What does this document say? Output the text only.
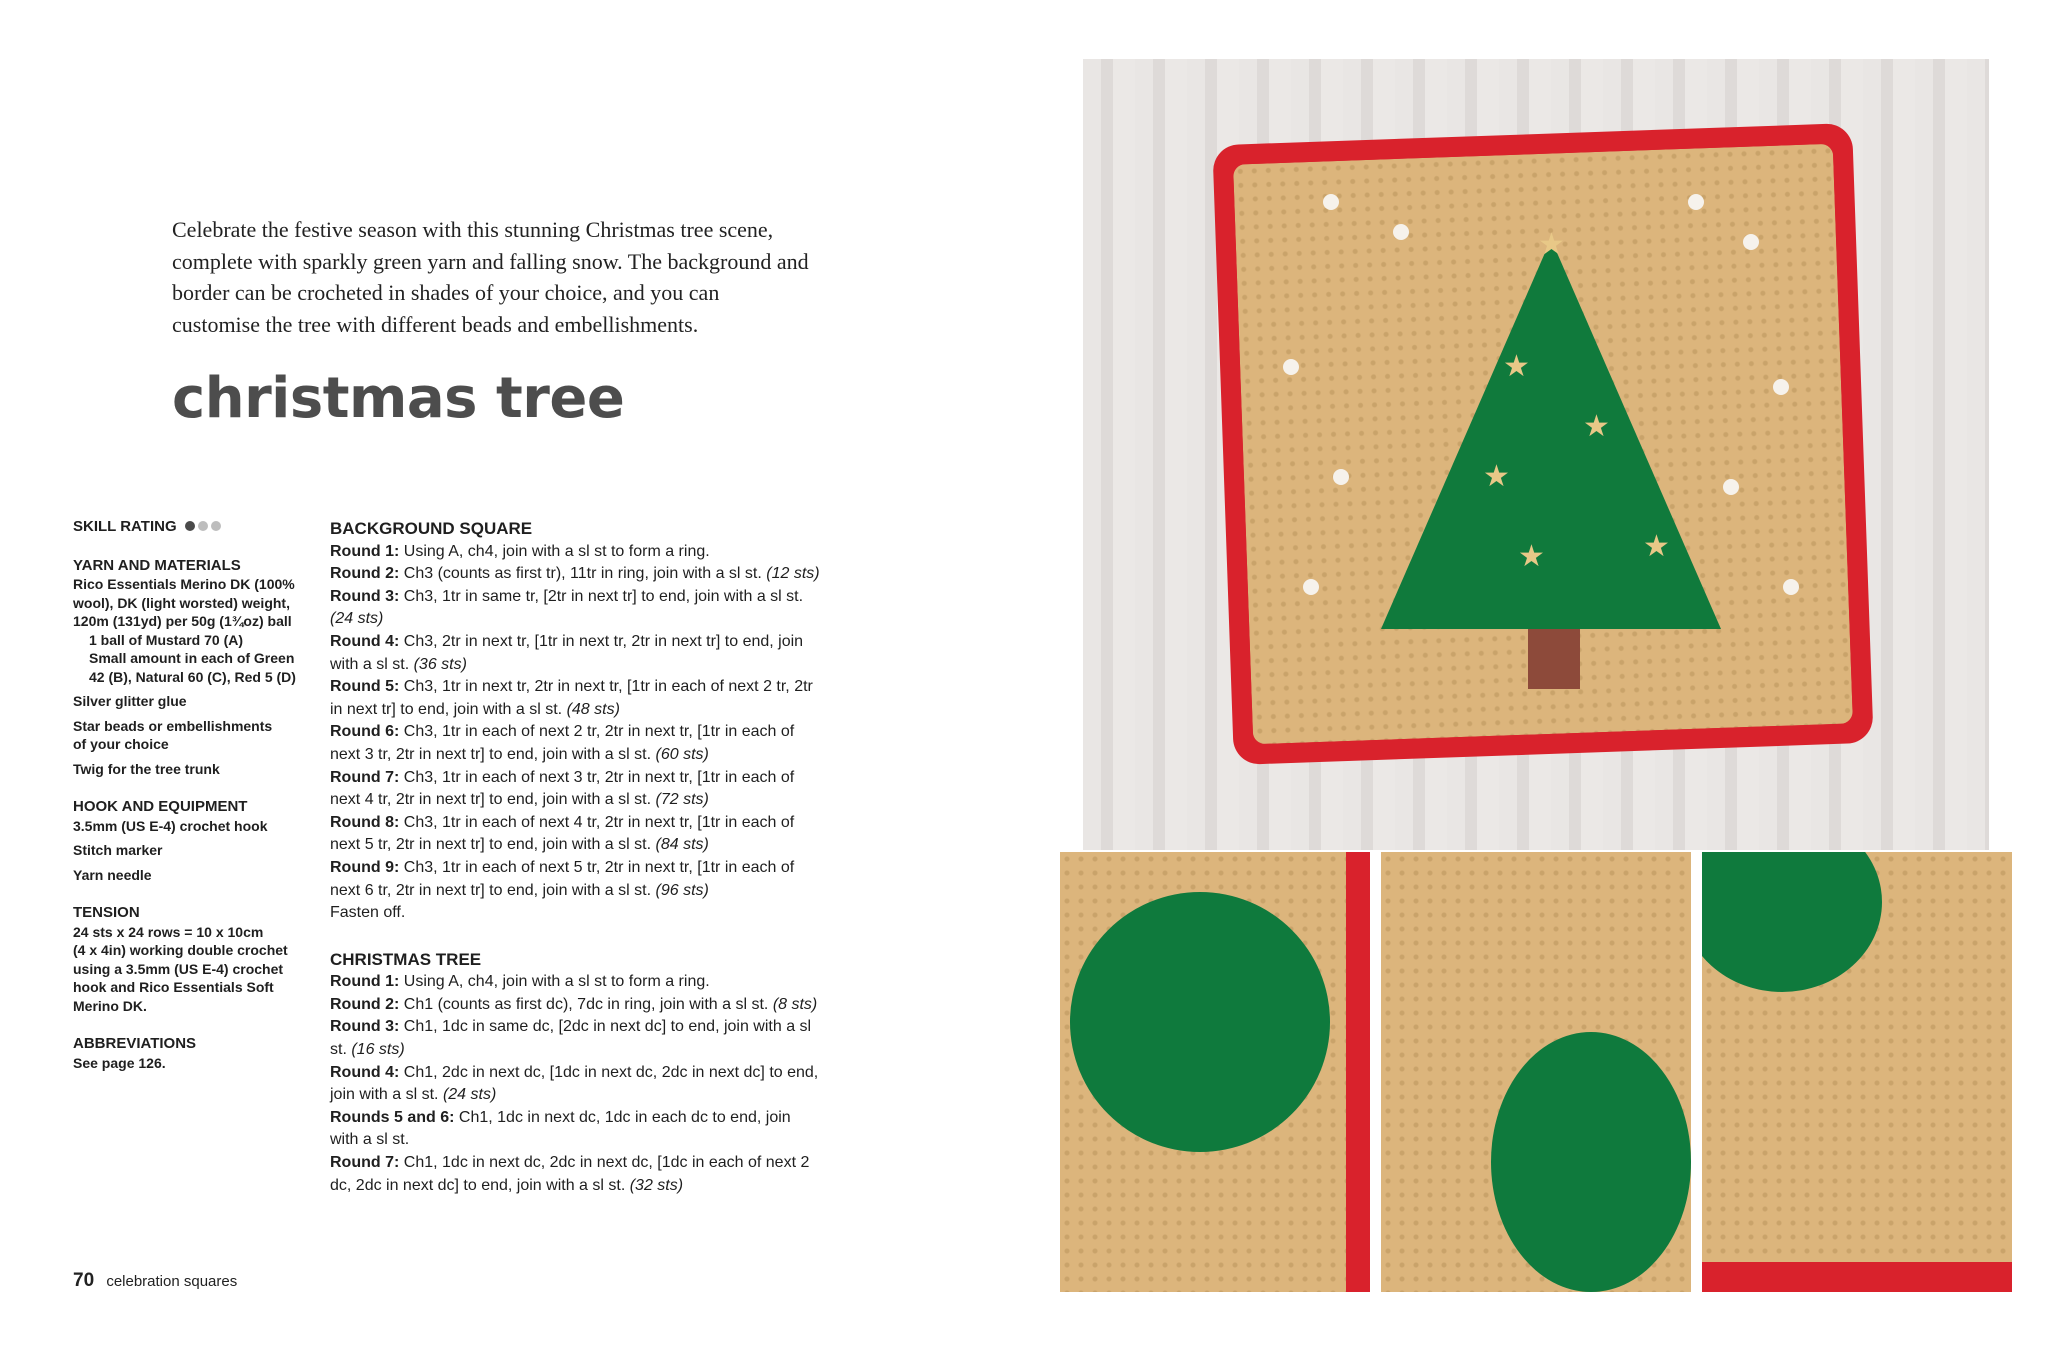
Celebrate the festive season with this stunning Christmas tree scene, complete with sparkly green yarn and falling snow. The background and border can be crocheted in shades of your choice, and you can customise the tree with different beads and embellishments.
christmas tree
SKILL RATING
YARN AND MATERIALS
Rico Essentials Merino DK (100%
wool), DK (light worsted) weight,
120m (131yd) per 50g (1¾oz) ball
1 ball of Mustard 70 (A)
Small amount in each of Green
42 (B), Natural 60 (C), Red 5 (D)
Silver glitter glue
Star beads or embellishments
of your choice
Twig for the tree trunk
HOOK AND EQUIPMENT
3.5mm (US E-4) crochet hook
Stitch marker
Yarn needle
TENSION
24 sts x 24 rows = 10 x 10cm
(4 x 4in) working double crochet
using a 3.5mm (US E-4) crochet
hook and Rico Essentials Soft
Merino DK.
ABBREVIATIONS
See page 126.
BACKGROUND SQUARE
Round 1: Using A, ch4, join with a sl st to form a ring.
Round 2: Ch3 (counts as first tr), 11tr in ring, join with a sl st. (12 sts)
Round 3: Ch3, 1tr in same tr, [2tr in next tr] to end, join with a sl st. (24 sts)
Round 4: Ch3, 2tr in next tr, [1tr in next tr, 2tr in next tr] to end, join with a sl st. (36 sts)
Round 5: Ch3, 1tr in next tr, 2tr in next tr, [1tr in each of next 2 tr, 2tr in next tr] to end, join with a sl st. (48 sts)
Round 6: Ch3, 1tr in each of next 2 tr, 2tr in next tr, [1tr in each of next 3 tr, 2tr in next tr] to end, join with a sl st. (60 sts)
Round 7: Ch3, 1tr in each of next 3 tr, 2tr in next tr, [1tr in each of next 4 tr, 2tr in next tr] to end, join with a sl st. (72 sts)
Round 8: Ch3, 1tr in each of next 4 tr, 2tr in next tr, [1tr in each of next 5 tr, 2tr in next tr] to end, join with a sl st. (84 sts)
Round 9: Ch3, 1tr in each of next 5 tr, 2tr in next tr, [1tr in each of next 6 tr, 2tr in next tr] to end, join with a sl st. (96 sts)
Fasten off.
CHRISTMAS TREE
Round 1: Using A, ch4, join with a sl st to form a ring.
Round 2: Ch1 (counts as first dc), 7dc in ring, join with a sl st. (8 sts)
Round 3: Ch1, 1dc in same dc, [2dc in next dc] to end, join with a sl st. (16 sts)
Round 4: Ch1, 2dc in next dc, [1dc in next dc, 2dc in next dc] to end, join with a sl st. (24 sts)
Rounds 5 and 6: Ch1, 1dc in next dc, 1dc in each dc to end, join with a sl st.
Round 7: Ch1, 1dc in next dc, 2dc in next dc, [1dc in each of next 2 dc, 2dc in next dc] to end, join with a sl st. (32 sts)
70 celebration squares
★
★
★
★
★	★
